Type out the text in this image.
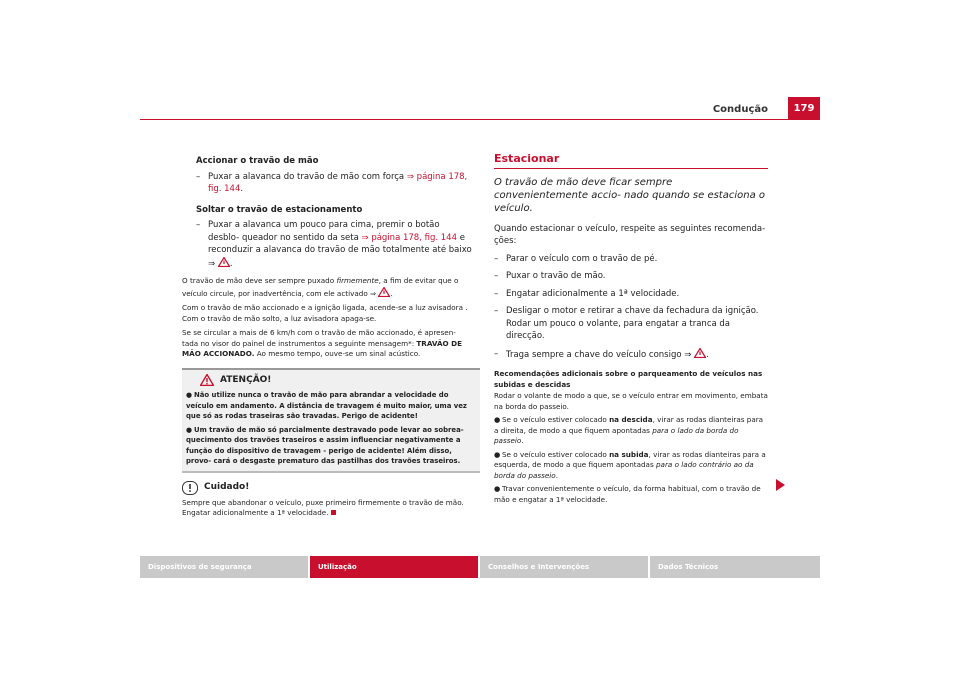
Condução	179

Accionar o travão de mão

– Puxar a alavanca do travão de mão com força ⇒ página 178, fig. 144.

Soltar o travão de estacionamento

– Puxar a alavanca um pouco para cima, premir o botão desblo- queador no sentido da seta ⇒ página 178, fig. 144 e reconduzir a alavanca do travão de mão totalmente até baixo ⇒ .
O travão de mão deve ser sempre puxado firmemente, a fim de evitar que o veículo circule, por inadvertência, com ele activado ⇒ .
Com o travão de mão accionado e a ignição ligada, acende-se a luz avisadora . Com o travão de mão solto, a luz avisadora apaga-se.
Se se circular a mais de 6 km/h com o travão de mão accionado, é apresen- tada no visor do painel de instrumentos a seguinte mensagem*: TRAVÃO DE MÃO ACCIONADO. Ao mesmo tempo, ouve-se um sinal acústico.
ATENÇÃO!
● Não utilize nunca o travão de mão para abrandar a velocidade do veículo em andamento. A distância de travagem é muito maior, uma vez que só as rodas traseiras são travadas. Perigo de acidente!
● Um travão de mão só parcialmente destravado pode levar ao sobrea- quecimento dos travões traseiros e assim influenciar negativamente a função do dispositivo de travagem - perigo de acidente! Além disso, provo- cará o desgaste prematuro das pastilhas dos travões traseiros.
Cuidado!
Sempre que abandonar o veículo, puxe primeiro firmemente o travão de mão. Engatar adicionalmente a 1ª velocidade.
Estacionar
O travão de mão deve ficar sempre convenientemente accio- nado quando se estaciona o veículo.

Quando estacionar o veículo, respeite as seguintes recomenda- ções:

– Parar o veículo com o travão de pé.
– Puxar o travão de mão.
– Engatar adicionalmente a 1ª velocidade.
– Desligar o motor e retirar a chave da fechadura da ignição. Rodar um pouco o volante, para engatar a tranca da direcção.
– Traga sempre a chave do veículo consigo ⇒ .
Recomendações adicionais sobre o parqueamento de veículos nas subidas e descidas
Rodar o volante de modo a que, se o veículo entrar em movimento, embata na borda do passeio.
● Se o veículo estiver colocado na descida, virar as rodas dianteiras para a direita, de modo a que fiquem apontadas para o lado da borda do passeio.
● Se o veículo estiver colocado na subida, virar as rodas dianteiras para a esquerda, de modo a que fiquem apontadas para o lado contrário ao da borda do passeio.
● Travar convenientemente o veículo, da forma habitual, com o travão de mão e engatar a 1ª velocidade.
Dispositivos de segurança	Utilização	Conselhos e Intervenções	Dados Técnicos
